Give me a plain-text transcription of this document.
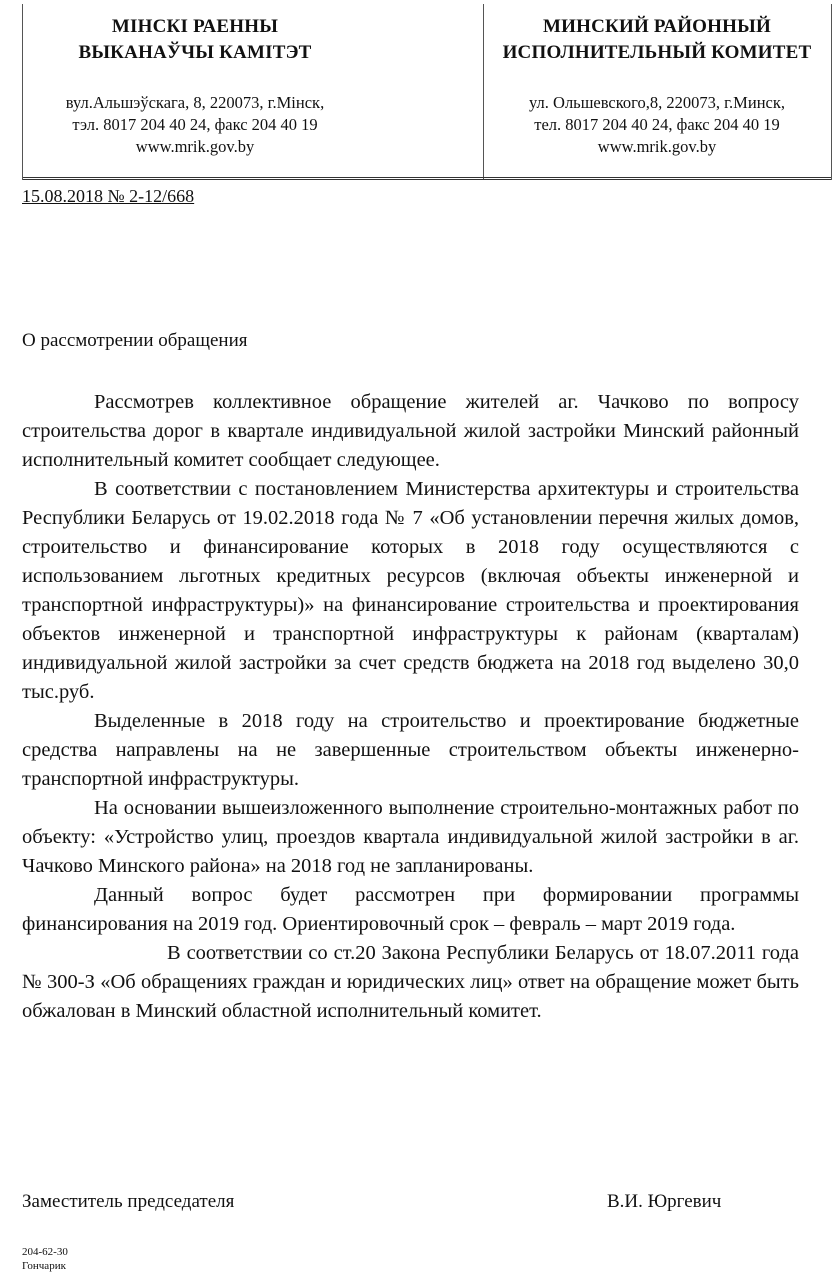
МІНСКІ РАЕННЫ
ВЫКАНАЎЧЫ КАМІТЭТ
вул.Альшэўскага, 8, 220073, г.Мінск,
тэл. 8017 204 40 24, факс 204 40 19
www.mrik.gov.by
МИНСКИЙ РАЙОННЫЙ
ИСПОЛНИТЕЛЬНЫЙ КОМИТЕТ
ул. Ольшевского,8, 220073, г.Минск,
тел. 8017 204 40 24, факс 204 40 19
www.mrik.gov.by
15.08.2018 № 2-12/668
О рассмотрении обращения

Рассмотрев коллективное обращение жителей аг. Чачково по вопросу строительства дорог в квартале индивидуальной жилой застройки Минский районный исполнительный комитет сообщает следующее.

В соответствии с постановлением Министерства архитектуры и строительства Республики Беларусь от 19.02.2018 года № 7 «Об установлении перечня жилых домов, строительство и финансирование которых в 2018 году осуществляются с использованием льготных кредитных ресурсов (включая объекты инженерной и транспортной инфраструктуры)» на финансирование строительства и проектирования объектов инженерной и транспортной инфраструктуры к районам (кварталам) индивидуальной жилой застройки за счет средств бюджета на 2018 год выделено 30,0 тыс.руб.

Выделенные в 2018 году на строительство и проектирование бюджетные средства направлены на не завершенные строительством объекты инженерно-транспортной инфраструктуры.

На основании вышеизложенного выполнение строительно-монтажных работ по объекту: «Устройство улиц, проездов квартала индивидуальной жилой застройки в аг. Чачково Минского района» на 2018 год не запланированы.

Данный вопрос будет рассмотрен при формировании программы финансирования на 2019 год. Ориентировочный срок – февраль – март 2019 года.

В соответствии со ст.20 Закона Республики Беларусь от 18.07.2011 года № 300-З «Об обращениях граждан и юридических лиц» ответ на обращение может быть обжалован в Минский областной исполнительный комитет.

Заместитель председателя	В.И. Юргевич
204-62-30
Гончарик
